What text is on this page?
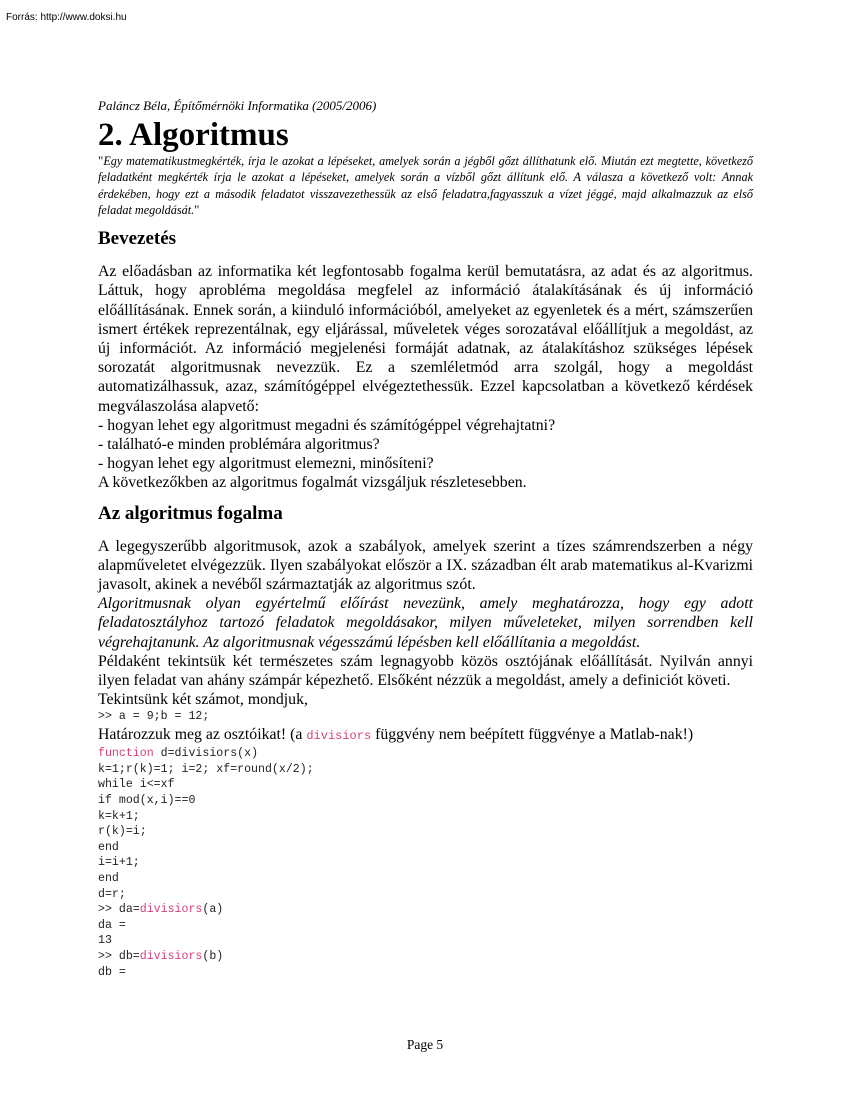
Forrás: http://www.doksi.hu

Paláncz Béla, Építőmérnöki Informatika (2005/2006)

2. Algoritmus

"Egy matematikustmegkérték, írja le azokat a lépéseket, amelyek során a jégből gőzt állíthatunk elő. Miután ezt megtette, következő feladatként megkérték írja le azokat a lépéseket, amelyek során a vízből gőzt állítunk elő. A válasza a következő volt: Annak érdekében, hogy ezt a második feladatot visszavezethessük az első feladatra,fagyasszuk a vízet jéggé, majd alkalmazzuk az első feladat megoldását."

Bevezetés

Az előadásban az informatika két legfontosabb fogalma kerül bemutatásra, az adat és az algoritmus. Láttuk, hogy aprobléma megoldása megfelel az információ átalakításának és új információ előállításának. Ennek során, a kiinduló információból, amelyeket az egyenletek és a mért, számszerűen ismert értékek reprezentálnak, egy eljárással, műveletek véges sorozatával előállítjuk a megoldást, az új információt. Az információ megjelenési formáját adatnak, az átalakításhoz szükséges lépések sorozatát algoritmusnak nevezzük. Ez a szemléletmód arra szolgál, hogy a megoldást automatizálhassuk, azaz, számítógéppel elvégeztethessük. Ezzel kapcsolatban a következő kérdések megválaszolása alapvető:

- hogyan lehet egy algoritmust megadni és számítógéppel végrehajtatni?
- található-e minden problémára algoritmus?
- hogyan lehet egy algoritmust elemezni, minősíteni?

A következőkben az algoritmus fogalmát vizsgáljuk részletesebben.

Az algoritmus fogalma

A legegyszerűbb algoritmusok, azok a szabályok, amelyek szerint a tízes számrendszerben a négy alapműveletet elvégezzük. Ilyen szabályokat először a IX. században élt arab matematikus al-Kvarizmi javasolt, akinek a nevéből származtatják az algoritmus szót.

Algoritmusnak olyan egyértelmű előírást nevezünk, amely meghatározza, hogy egy adott feladatosztályhoz tartozó feladatok megoldásakor, milyen műveleteket, milyen sorrendben kell végrehajtanunk. Az algoritmusnak végesszámú lépésben kell előállítania a megoldást.

Példaként tekintsük két természetes szám legnagyobb közös osztójának előállítását. Nyilván annyi ilyen feladat van ahány számpár képezhető. Elsőként nézzük a megoldást, amely a definiciót követi.

Tekintsünk két számot, mondjuk,

>> a = 9;b = 12;

Határozzuk meg az osztóikat! (a divisiors függvény nem beépített függvénye a Matlab-nak!)

function d=divisiors(x)
k=1;r(k)=1; i=2; xf=round(x/2);
while i<=xf
if mod(x,i)==0
k=k+1;
r(k)=i;
end
i=i+1;
end
d=r;
>> da=divisiors(a)
da =
13
>> db=divisiors(b)
db =

Page 5
